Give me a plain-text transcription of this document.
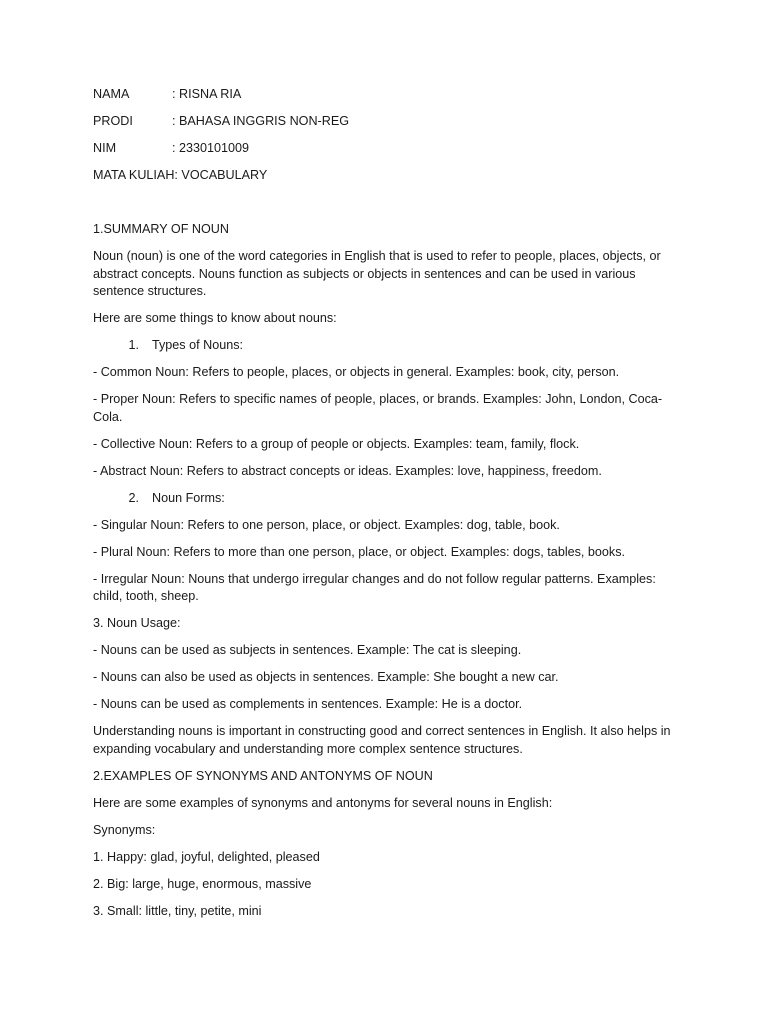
NAMA	: RISNA RIA
PRODI	: BAHASA INGGRIS NON-REG
NIM	: 2330101009
MATA KULIAH : VOCABULARY

1.SUMMARY OF NOUN

Noun (noun) is one of the word categories in English that is used to refer to people, places, objects, or abstract concepts. Nouns function as subjects or objects in sentences and can be used in various sentence structures.

Here are some things to know about nouns:

1.	Types of Nouns:

- Common Noun: Refers to people, places, or objects in general. Examples: book, city, person.

- Proper Noun: Refers to specific names of people, places, or brands. Examples: John, London, Coca-Cola.

- Collective Noun: Refers to a group of people or objects. Examples: team, family, flock.

- Abstract Noun: Refers to abstract concepts or ideas. Examples: love, happiness, freedom.

2.	Noun Forms:

- Singular Noun: Refers to one person, place, or object. Examples: dog, table, book.

- Plural Noun: Refers to more than one person, place, or object. Examples: dogs, tables, books.

- Irregular Noun: Nouns that undergo irregular changes and do not follow regular patterns. Examples: child, tooth, sheep.

3. Noun Usage:

- Nouns can be used as subjects in sentences. Example: The cat is sleeping.

- Nouns can also be used as objects in sentences. Example: She bought a new car.

- Nouns can be used as complements in sentences. Example: He is a doctor.

Understanding nouns is important in constructing good and correct sentences in English. It also helps in expanding vocabulary and understanding more complex sentence structures.

2.EXAMPLES OF SYNONYMS AND ANTONYMS OF NOUN

Here are some examples of synonyms and antonyms for several nouns in English:

Synonyms:

1. Happy: glad, joyful, delighted, pleased

2. Big: large, huge, enormous, massive

3. Small: little, tiny, petite, mini
